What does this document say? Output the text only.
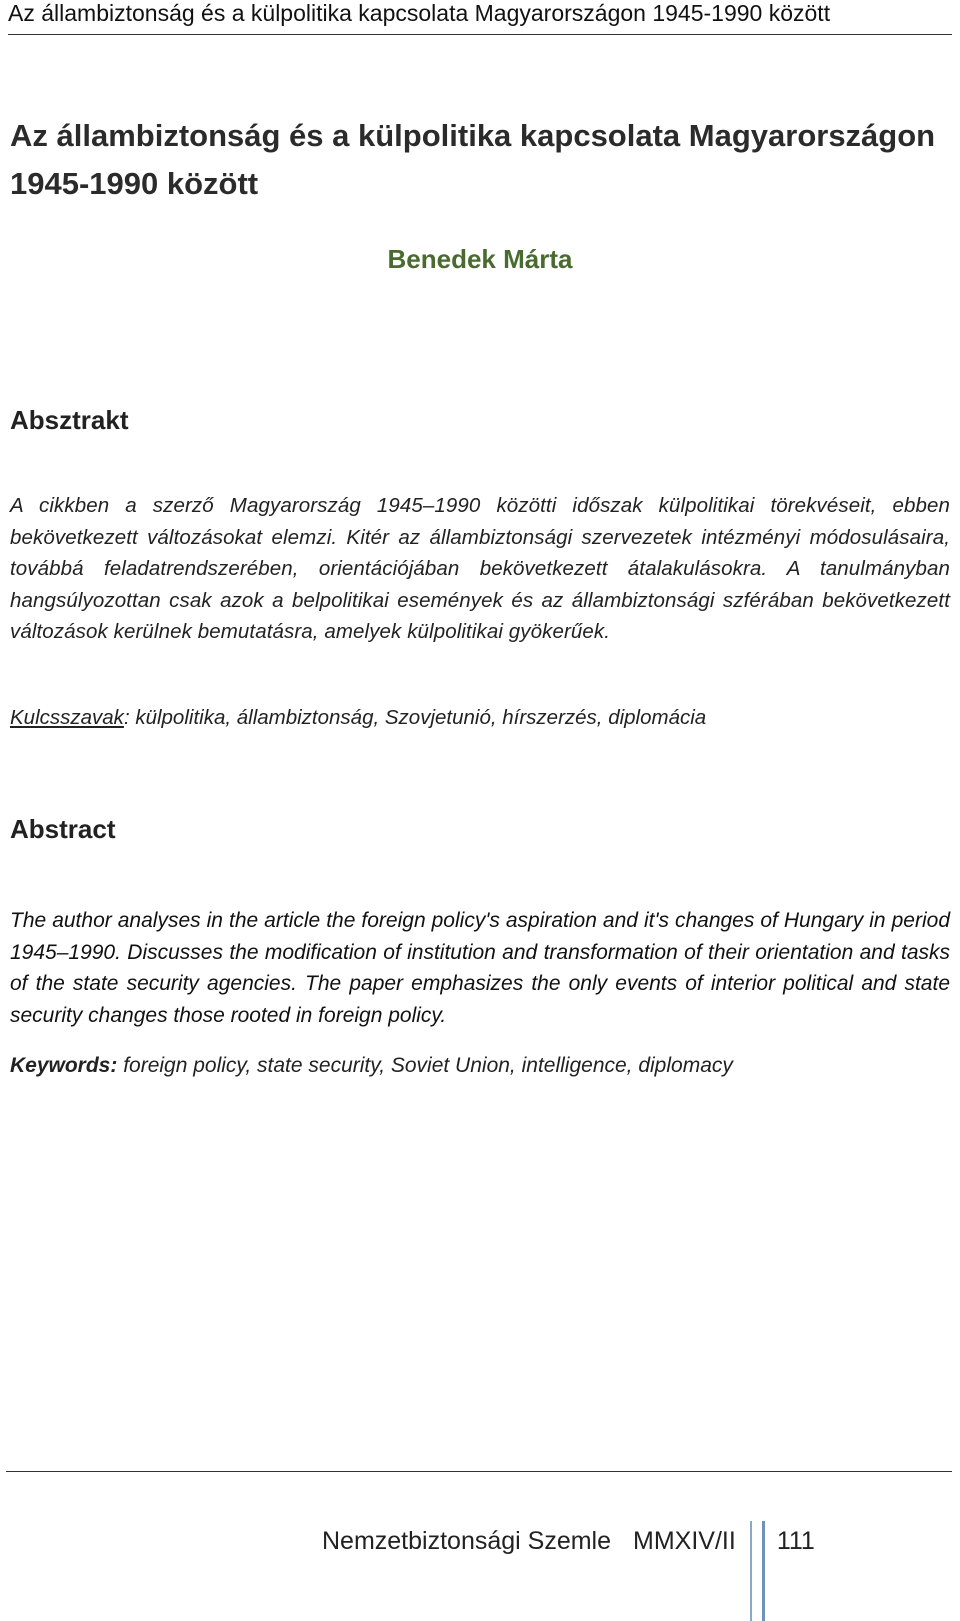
Az állambiztonság és a külpolitika kapcsolata Magyarországon 1945-1990 között
Az állambiztonság és a külpolitika kapcsolata Magyarországon
1945-1990 között
Benedek Márta
Absztrakt
A cikkben a szerző Magyarország 1945–1990 közötti időszak külpolitikai törekvéseit, ebben bekövetkezett változásokat elemzi. Kitér az állambiztonsági szervezetek intézményi módosulásaira, továbbá feladatrendszerében, orientációjában bekövetkezett átalakulásokra. A tanulmányban hangsúlyozottan csak azok a belpolitikai események és az állambiztonsági szférában bekövetkezett változások kerülnek bemutatásra, amelyek külpolitikai gyökerűek.
Kulcsszavak: külpolitika, állambiztonság, Szovjetunió, hírszerzés, diplomácia
Abstract
The author analyses in the article the foreign policy's aspiration and it's changes of Hungary in period 1945–1990. Discusses the modification of institution and transformation of their orientation and tasks of the state security agencies. The paper emphasizes the only events of interior political and state security changes those rooted in foreign policy.
Keywords: foreign policy, state security, Soviet Union, intelligence, diplomacy
Nemzetbiztonsági Szemle MMXIV/II 111
